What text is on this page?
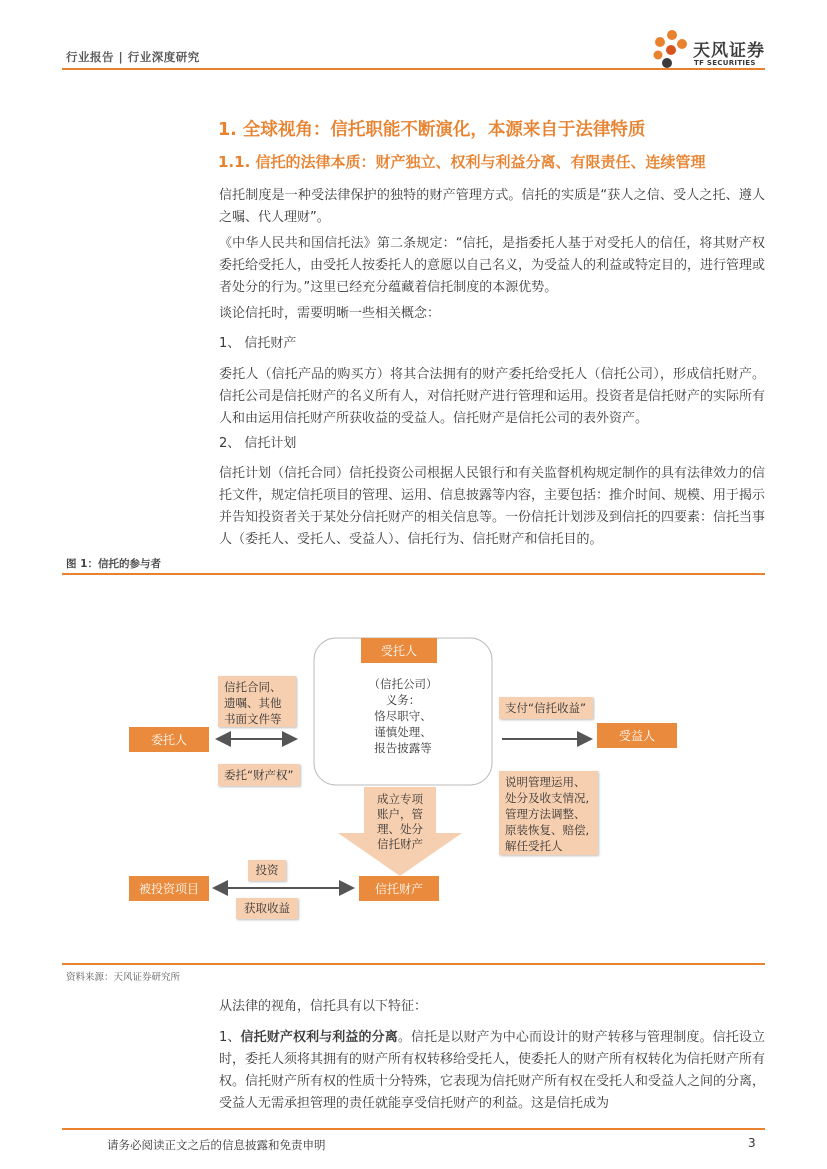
行业报告 | 行业深度研究	天风证券
TF SECURITIES
1. 全球视角：信托职能不断演化，本源来自于法律特质
1.1. 信托的法律本质：财产独立、权利与利益分离、有限责任、连续管理
信托制度是一种受法律保护的独特的财产管理方式。信托的实质是“获人之信、受人之托、遵人之嘱、代人理财”。
《中华人民共和国信托法》第二条规定：“信托，是指委托人基于对受托人的信任，将其财产权委托给受托人，由受托人按委托人的意愿以自己名义，为受益人的利益或特定目的，进行管理或者处分的行为。”这里已经充分蕴藏着信托制度的本源优势。
谈论信托时，需要明晰一些相关概念：
1、 信托财产
委托人（信托产品的购买方）将其合法拥有的财产委托给受托人（信托公司），形成信托财产。信托公司是信托财产的名义所有人，对信托财产进行管理和运用。投资者是信托财产的实际所有人和由运用信托财产所获收益的受益人。信托财产是信托公司的表外资产。
2、 信托计划
信托计划（信托合同）信托投资公司根据人民银行和有关监督机构规定制作的具有法律效力的信托文件，规定信托项目的管理、运用、信息披露等内容，主要包括：推介时间、规模、用于揭示并告知投资者关于某处分信托财产的相关信息等。一份信托计划涉及到信托的四要素：信托当事人（委托人、受托人、受益人）、信托行为、信托财产和信托目的。
图 1：信托的参与者
受托人
（信托公司）
义务：
恪尽职守、
谨慎处理、
报告披露等
委托人	受益人
被投资项目	信托财产
信托合同、
遗嘱、其他
书面文件等
委托“财产权”
支付“信托收益”
说明管理运用、
处分及收支情况,
管理方法调整、
原装恢复、赔偿,
解任受托人
成立专项
账户，管
理、处分
信托财产
投资
获取收益
资料来源：天风证券研究所
从法律的视角，信托具有以下特征：
1、信托财产权利与利益的分离。信托是以财产为中心而设计的财产转移与管理制度。信托设立时，委托人须将其拥有的财产所有权转移给受托人，使委托人的财产所有权转化为信托财产所有权。信托财产所有权的性质十分特殊，它表现为信托财产所有权在受托人和受益人之间的分离，受益人无需承担管理的责任就能享受信托财产的利益。这是信托成为
请务必阅读正文之后的信息披露和免责申明	3
